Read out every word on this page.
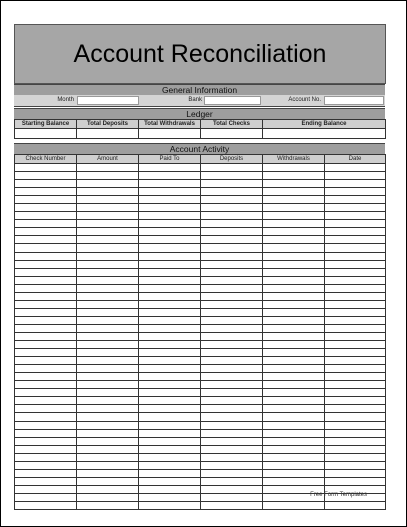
Account Reconciliation
General Information
Month	Bank	Account No.
Ledger
Starting Balance	Total Deposits	Total Withdrawals	Total Checks	Ending Balance

Account Activity
Check Number	Amount	Paid To	Deposits	Withdrawals	Date

Free Form Templates
